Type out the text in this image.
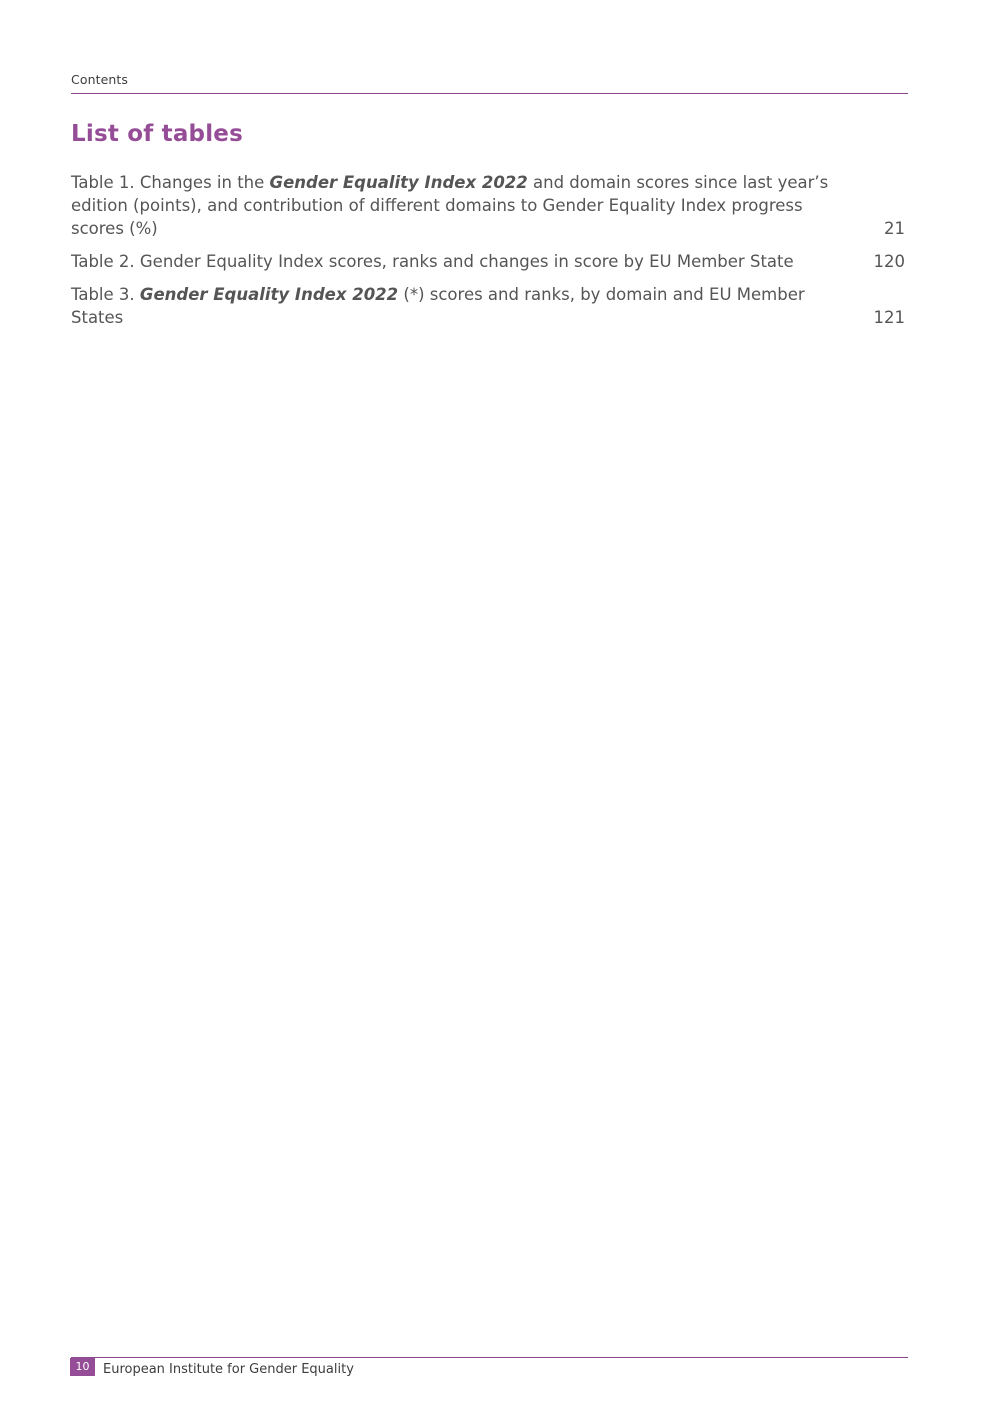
Contents
List of tables
Table 1. Changes in the Gender Equality Index 2022 and domain scores since last year’s edition (points), and contribution of different domains to Gender Equality Index progress scores (%)	21
Table 2. Gender Equality Index scores, ranks and changes in score by EU Member State	120
Table 3. Gender Equality Index 2022 (*) scores and ranks, by domain and EU Member States	121
10	European Institute for Gender Equality
